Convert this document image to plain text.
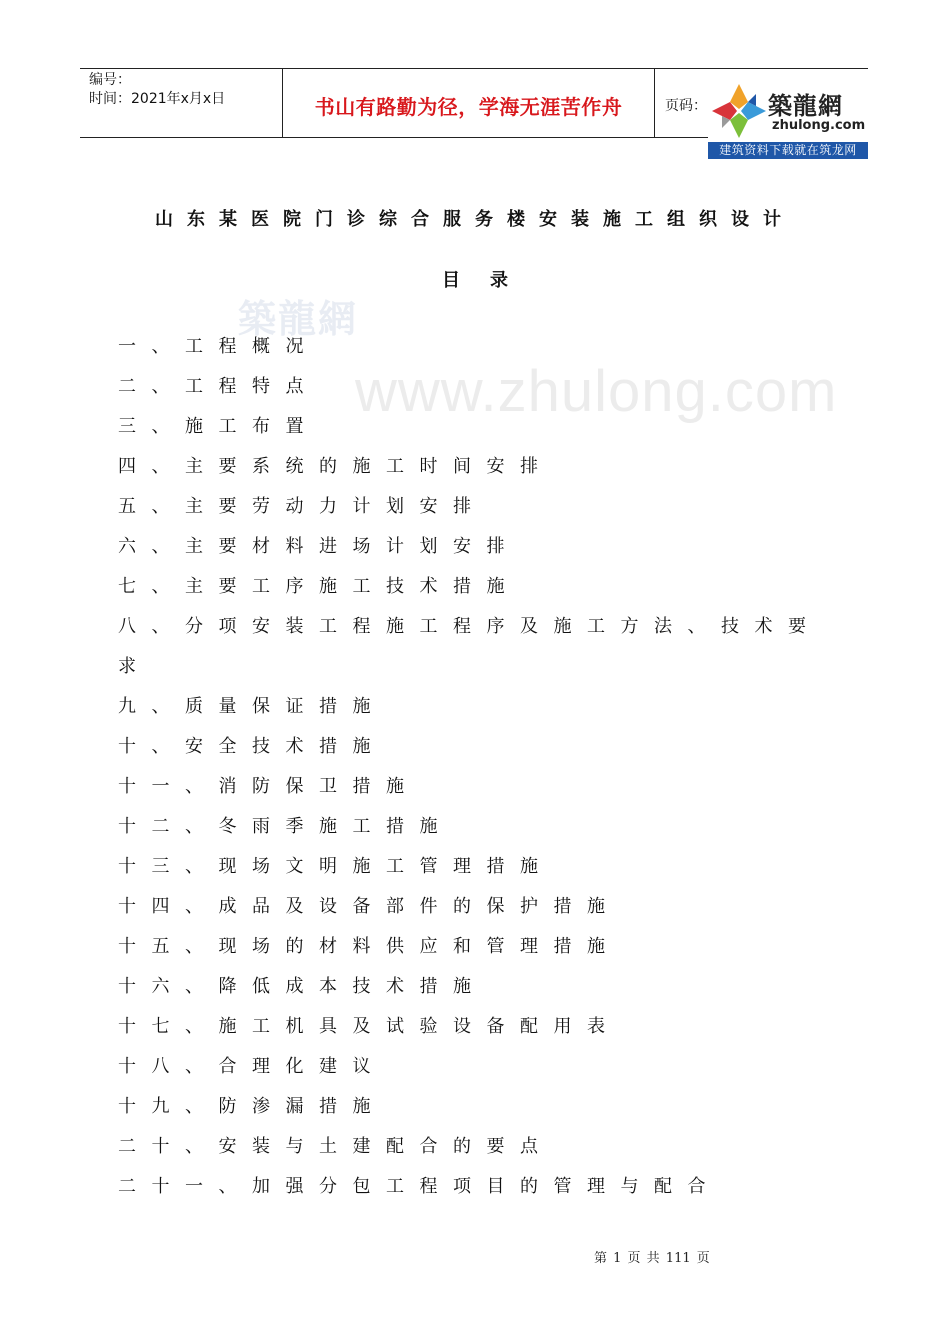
编号：
时间：2021年x月x日	书山有路勤为径，学海无涯苦作舟	页码：	築龍網
zhulong.com
建筑资料下载就在筑龙网
築龍網
www.zhulong.com
山东某医院门诊综合服务楼安装施工组织设计
目录
一、工程概况
二、工程特点
三、施工布置
四、主要系统的施工时间安排
五、主要劳动力计划安排
六、主要材料进场计划安排
七、主要工序施工技术措施
八、分项安装工程施工程序及施工方法、技术要
求
九、质量保证措施
十、安全技术措施
十一、消防保卫措施
十二、冬雨季施工措施
十三、现场文明施工管理措施
十四、成品及设备部件的保护措施
十五、现场的材料供应和管理措施
十六、降低成本技术措施
十七、施工机具及试验设备配用表
十八、合理化建议
十九、防渗漏措施
二十、安装与土建配合的要点
二十一、加强分包工程项目的管理与配合
第 1 页 共 111 页
